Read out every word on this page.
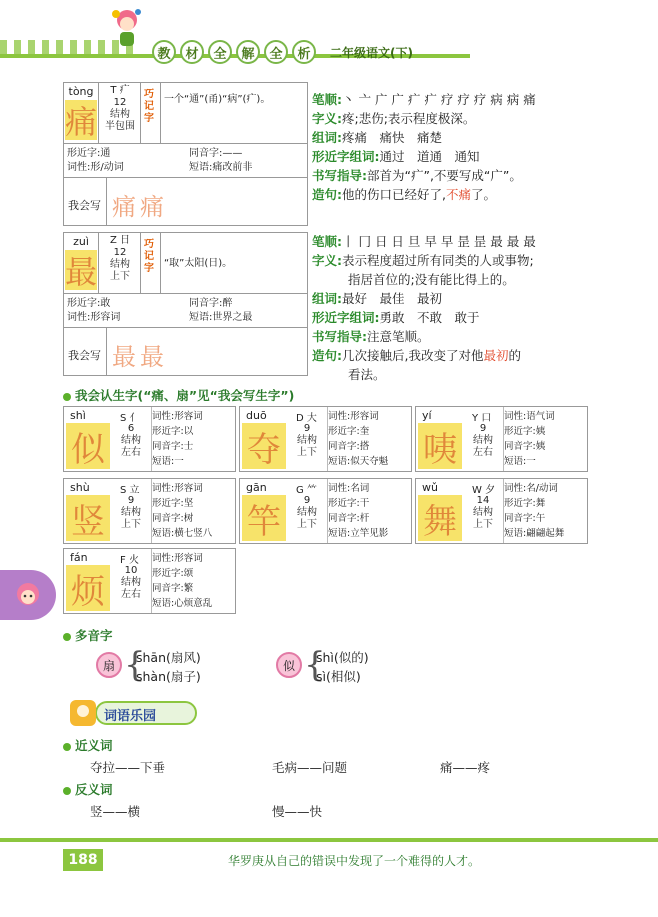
教	材	全	解	全	析	二年级语文(下)
tòng
痛
T 疒
12
结构
半包围
巧记字
一个“通”(甬)“病”(疒)。
形近字:通	同音字:——
词性:形/动词	短语:痛改前非
我会写 痛痛
笔顺:丶 亠 广 广 疒 疒 疗 疗 疗 病 病 痛
字义:疼;悲伤;表示程度极深。
组词:疼痛　痛快　痛楚
形近字组词:通过　道通　通知
书写指导:部首为“疒”,不要写成“广”。
造句:他的伤口已经好了,不痛了。
zuì
最
Z 日
12
结构
上下
巧记字	“取”太阳(日)。
形近字:敢	同音字:醉
词性:形容词	短语:世界之最
我会写 最最
笔顺:丨 冂 日 日 旦 早 早 昰 昰 最 最 最
字义:表示程度超过所有同类的人或事物;
指居首位的;没有能比得上的。
组词:最好　最佳　最初
形近字组词:勇敢　不敢　敢于
书写指导:注意笔顺。
造句:几次接触后,我改变了对他最初的
看法。
我会认生字(“痛、扇”见“我会写生字”)
shì	S 亻
似
6
结构
左右
词性:形容词
形近字:以
同音字:士
短语:一
duō	D 大
夺
9
结构
上下
词性:形容词
形近字:奎
同音字:搭
短语:似天夺魁
yí	Y 口
咦
9
结构
左右
词性:语气词
形近字:姨
同音字:姨
短语:一
shù	S 立
竖
9
结构
上下
词性:形容词
形近字:坚
同音字:树
短语:横七竖八
gān	G ⺮
竿
9
结构
上下
词性:名词
形近字:干
同音字:杆
短语:立竿见影
wǔ	W 夕
舞
14
结构
上下
词性:名/动词
形近字:舞
同音字:午
短语:翩翩起舞
fán	F 火
烦
10
结构
左右
词性:形容词
形近字:颂
同音字:繁
短语:心烦意乱
多音字
扇 {
shān(扇风)
shàn(扇子)
似 {
shì(似的)
sì(相似)
词语乐园
近义词
夺拉——下垂	毛病——问题	痛——疼
反义词
竖——横	慢——快
188	华罗庚从自己的错误中发现了一个难得的人才。
